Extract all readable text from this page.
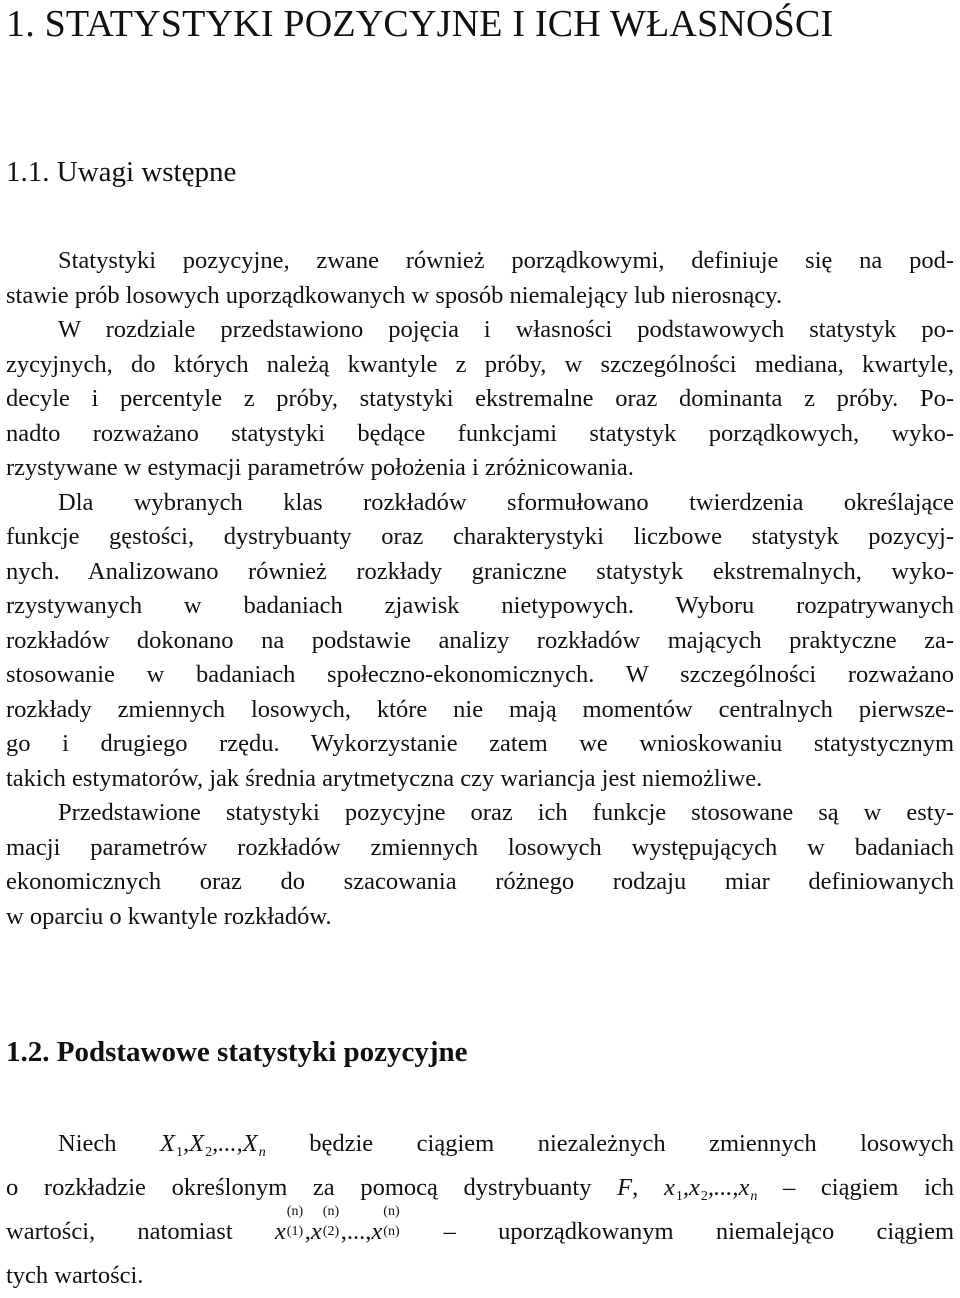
1. STATYSTYKI POZYCYJNE I ICH WŁASNOŚCI
1.1. Uwagi wstępne
Statystyki pozycyjne, zwane również porządkowymi, definiuje się na pod-
stawie prób losowych uporządkowanych w sposób niemalejący lub nierosnący.
W rozdziale przedstawiono pojęcia i własności podstawowych statystyk po-
zycyjnych, do których należą kwantyle z próby, w szczególności mediana, kwartyle,
decyle i percentyle z próby, statystyki ekstremalne oraz dominanta z próby. Po-
nadto rozważano statystyki będące funkcjami statystyk porządkowych, wyko-
rzystywane w estymacji parametrów położenia i zróżnicowania.
Dla wybranych klas rozkładów sformułowano twierdzenia określające
funkcje gęstości, dystrybuanty oraz charakterystyki liczbowe statystyk pozycyj-
nych. Analizowano również rozkłady graniczne statystyk ekstremalnych, wyko-
rzystywanych w badaniach zjawisk nietypowych. Wyboru rozpatrywanych
rozkładów dokonano na podstawie analizy rozkładów mających praktyczne za-
stosowanie w badaniach społeczno-ekonomicznych. W szczególności rozważano
rozkłady zmiennych losowych, które nie mają momentów centralnych pierwsze-
go i drugiego rzędu. Wykorzystanie zatem we wnioskowaniu statystycznym
takich estymatorów, jak średnia arytmetyczna czy wariancja jest niemożliwe.
Przedstawione statystyki pozycyjne oraz ich funkcje stosowane są w esty-
macji parametrów rozkładów zmiennych losowych występujących w badaniach
ekonomicznych oraz do szacowania różnego rodzaju miar definiowanych
w oparciu o kwantyle rozkładów.
1.2. Podstawowe statystyki pozycyjne
Niech $X_1,X_2,...,X_n$ będzie ciągiem niezależnych zmiennych losowych
o rozkładzie określonym za pomocą dystrybuanty F, $x_1,x_2,...,x_n$ – ciągiem ich
wartości, natomiast x
(n)
(1) ,x
(n)
(2) ,...,x
(n)
(n) – uporządkowanym niemalejąco ciągiem
tych wartości.
